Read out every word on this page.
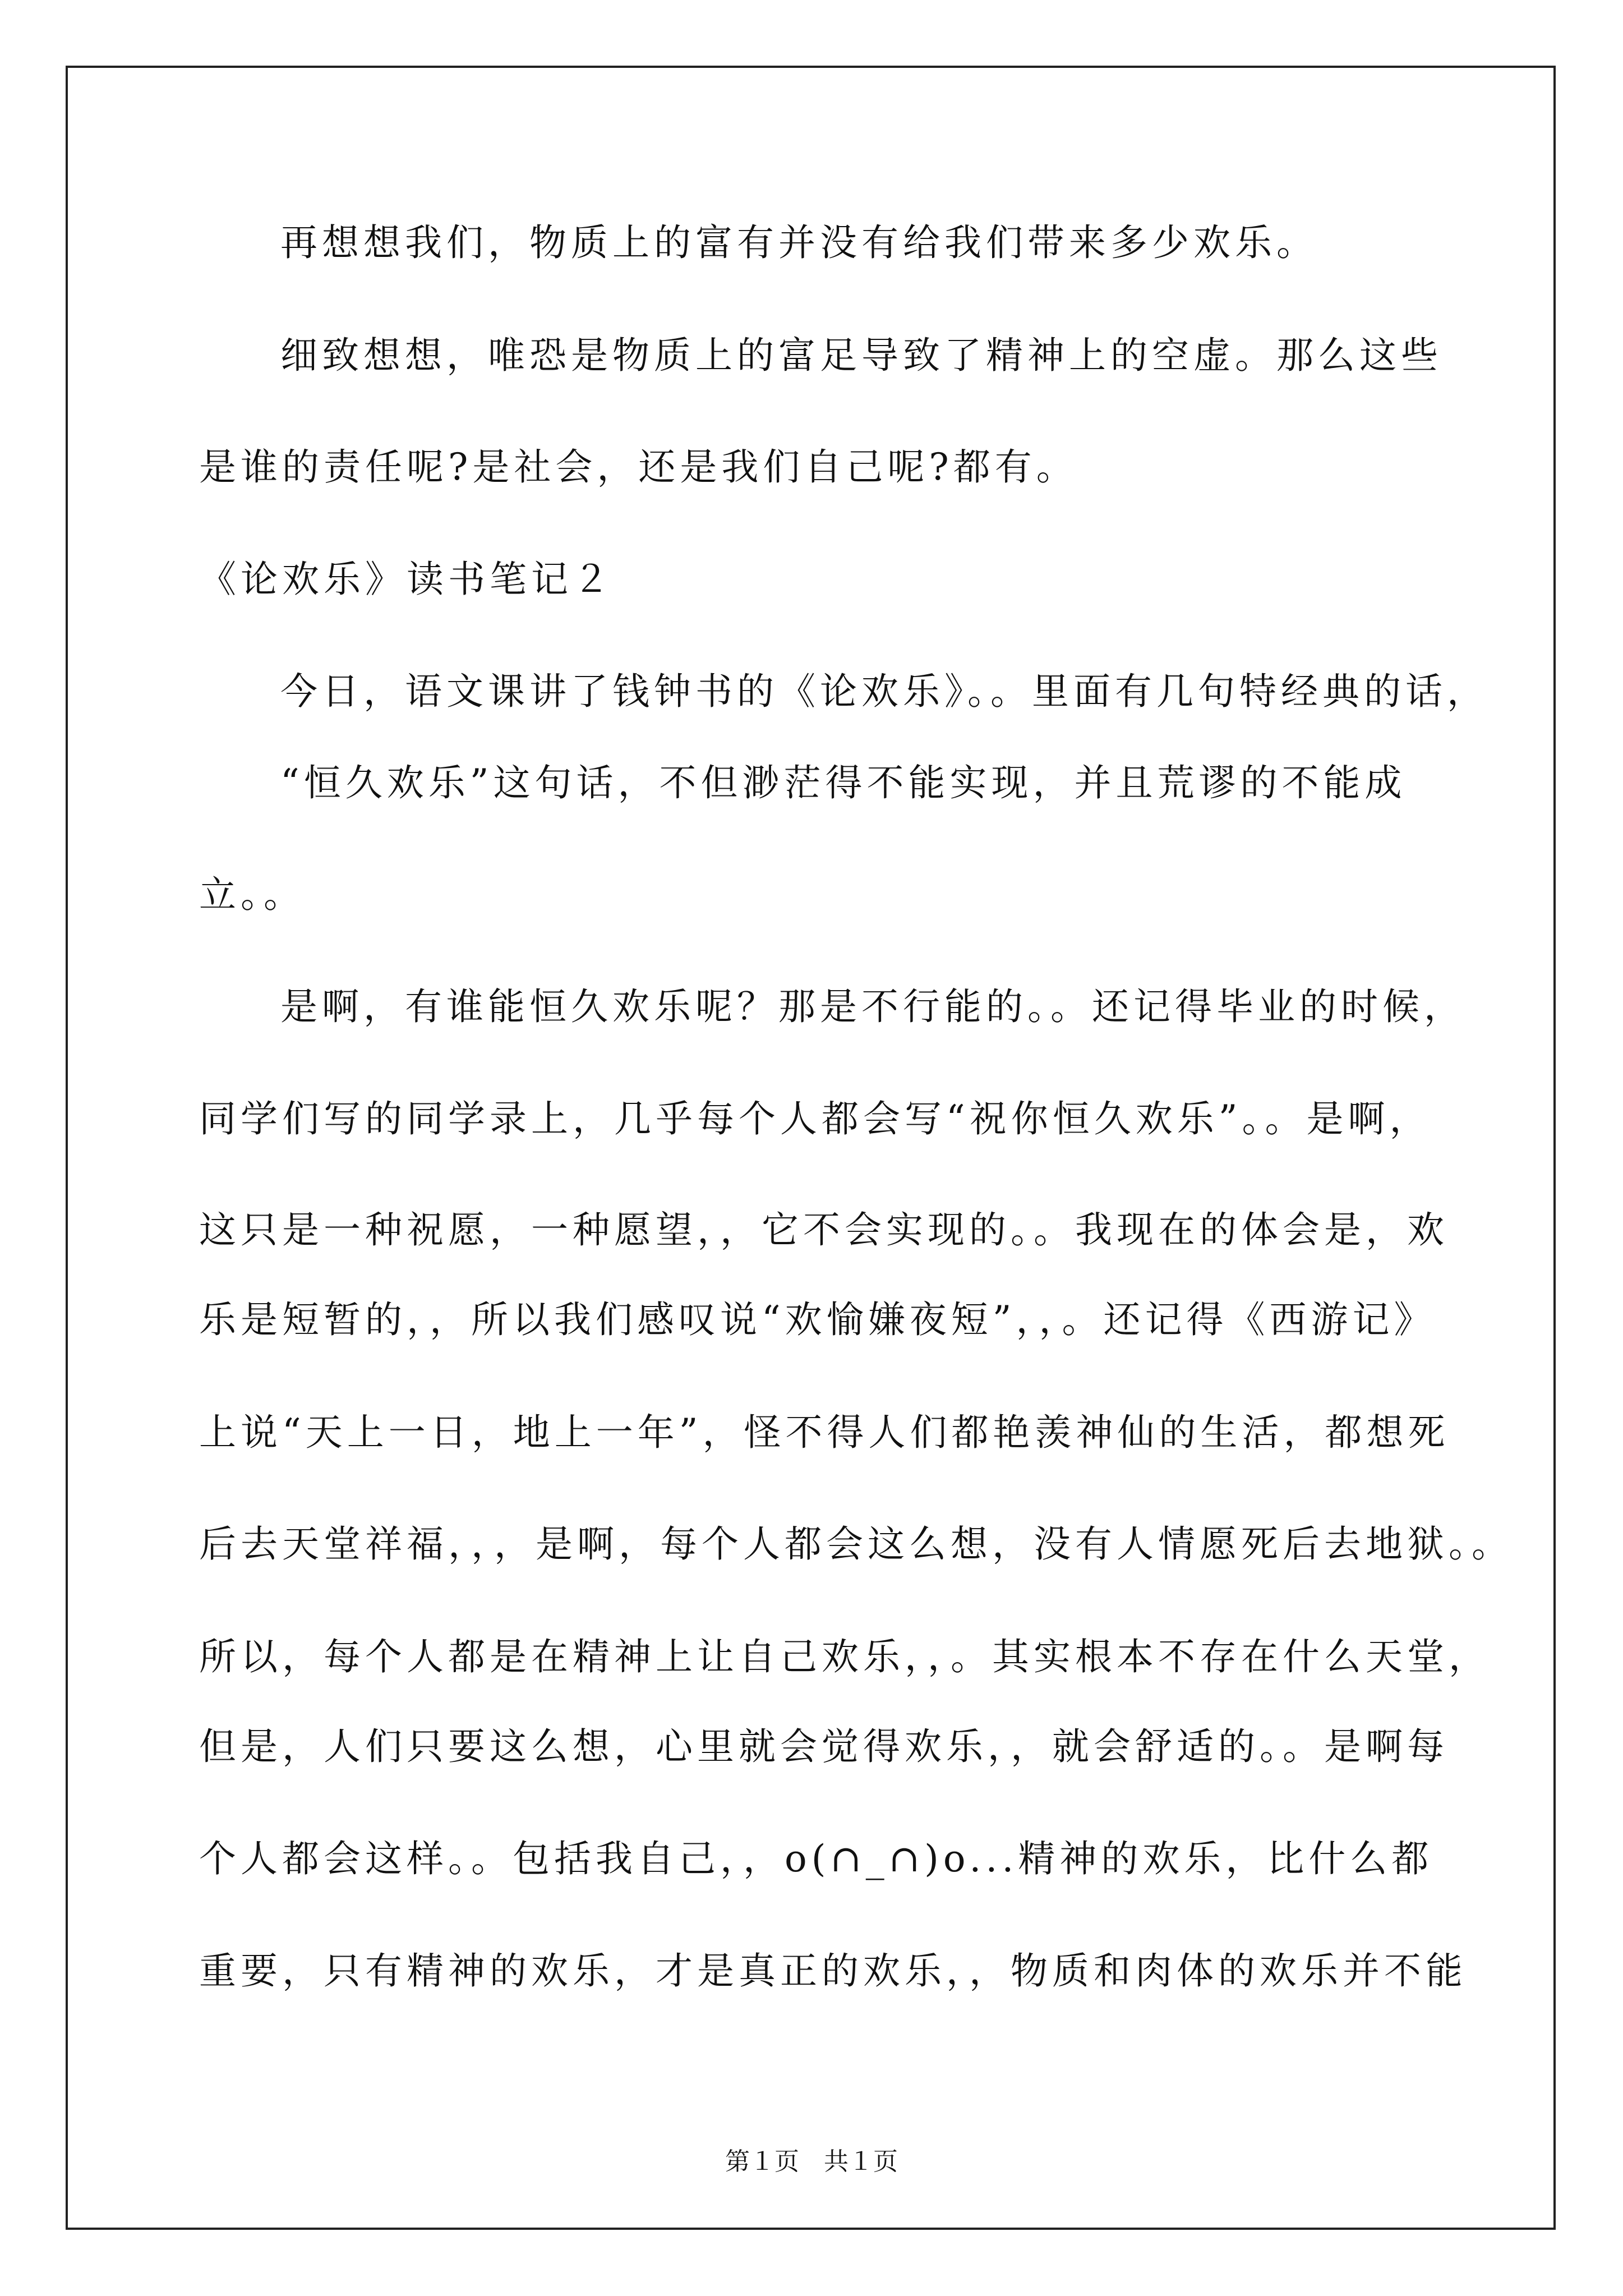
再想想我们，物质上的富有并没有给我们带来多少欢乐。
细致想想，唯恐是物质上的富足导致了精神上的空虚。那么这些
是谁的责任呢?是社会，还是我们自己呢?都有。
《论欢乐》读书笔记２
今日，语文课讲了钱钟书的《论欢乐》。。里面有几句特经典的话，
“恒久欢乐”这句话，不但渺茫得不能实现，并且荒谬的不能成
立。。
是啊，有谁能恒久欢乐呢？那是不行能的。。还记得毕业的时候，
同学们写的同学录上，几乎每个人都会写“祝你恒久欢乐”。。是啊，
这只是一种祝愿，一种愿望，，它不会实现的。。我现在的体会是，欢
乐是短暂的，，所以我们感叹说“欢愉嫌夜短”，，。还记得《西游记》
上说“天上一日，地上一年”，怪不得人们都艳羡神仙的生活，都想死
后去天堂祥福，，，是啊，每个人都会这么想，没有人情愿死后去地狱。。
所以，每个人都是在精神上让自己欢乐，，。其实根本不存在什么天堂，
但是，人们只要这么想，心里就会觉得欢乐，，就会舒适的。。是啊每
个人都会这样。。包括我自己，，o(∩_∩)o...精神的欢乐，比什么都
重要，只有精神的欢乐，才是真正的欢乐，，物质和肉体的欢乐并不能
第１页　共１页
